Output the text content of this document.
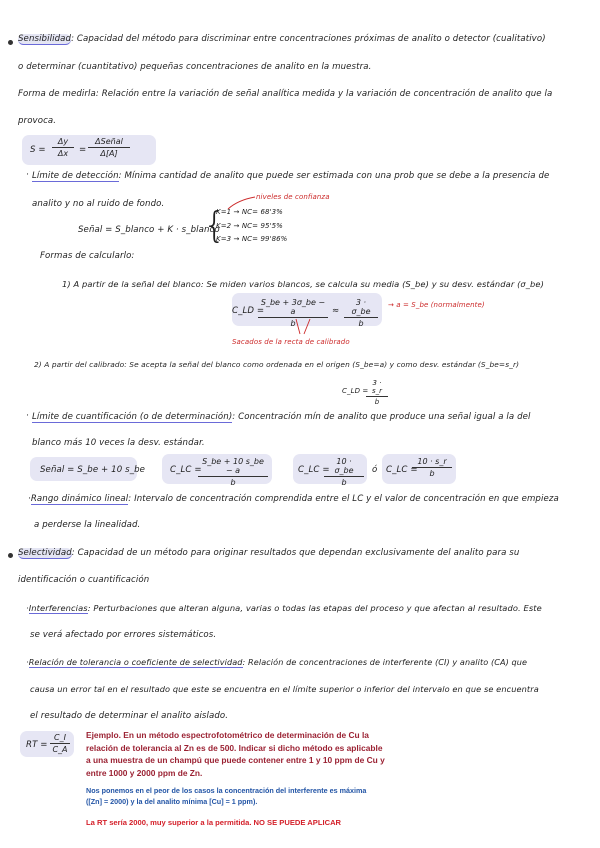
Sensibilidad: Capacidad del método para discriminar entre concentraciones próximas de analito o detector (cualitativo)
o determinar (cuantitativo) pequeñas concentraciones de analito en la muestra.
Forma de medirla: Relación entre la variación de señal analítica medida y la variación de concentración de analito que la
provoca.
$S = \frac{\Delta y}{\Delta x}$ =
ΔSeñal
Δ[A]
· Límite de detección: Mínima cantidad de analito que puede ser estimada con una prob que se debe a la presencia de
analito y no al ruido de fondo.
niveles de confianza
Señal = S_blanco + K · s_blanco
{
K=1 → NC= 68'3%
K=2 → NC= 95'5%
K=3 → NC= 99'86%
Formas de calcularlo:
1) A partir de la señal del blanco: Se miden varios blancos, se calcula su media (S_be) y su desv. estándar (σ_be)
C_LD =
$\frac{S\_be + 3\sigma\_be - a}{b} \approx \frac{3 \cdot \sigma\_be}{b} \to a$ = S_be (normalmente)
Sacados de la recta de calibrado
2) A partir del calibrado: Se acepta la señal del blanco como ordenada en el origen (S_be=a) y como desv. estándar (S_be=s_r)
C_LD =
$\frac{3 \cdot s\_r}{b}$
· Límite de cuantificación (o de determinación): Concentración mín de analito que produce una señal igual a la del
blanco más 10 veces la desv. estándar.
Señal = S_be + 10 s_be	C_LC =
$\frac{S\_be + 10 s\_be - a}{b}$	C_LC =
$\frac{10 \cdot \sigma\_be}{b}$ ó C_LC =
$\frac{10 \cdot s\_r}{b}$
·Rango dinámico lineal: Intervalo de concentración comprendida entre el LC y el valor de concentración en que empieza
a perderse la linealidad.
Selectividad: Capacidad de un método para originar resultados que dependan exclusivamente del analito para su
identificación o cuantificación
·Interferencias: Perturbaciones que alteran alguna, varias o todas las etapas del proceso y que afectan al resultado. Este
se verá afectado por errores sistemáticos.
·Relación de tolerancia o coeficiente de selectividad: Relación de concentraciones de interferente (CI) y analito (CA) que
causa un error tal en el resultado que este se encuentra en el límite superior o inferior del intervalo en que se encuentra
el resultado de determinar el analito aislado.
RT = $\frac{C\_I}{C\_A}$ Ejemplo. En un método espectrofotométrico de determinación de Cu la relación de tolerancia al Zn es de 500. Indicar si dicho método es aplicable a una muestra de un champú que puede contener entre 1 y 10 ppm de Cu y entre 1000 y 2000 ppm de Zn.
Nos ponemos en el peor de los casos la concentración del interferente es máxima ([Zn] = 2000) y la del analito mínima [Cu] = 1 ppm).
La RT sería 2000, muy superior a la permitida. NO SE PUEDE APLICAR
